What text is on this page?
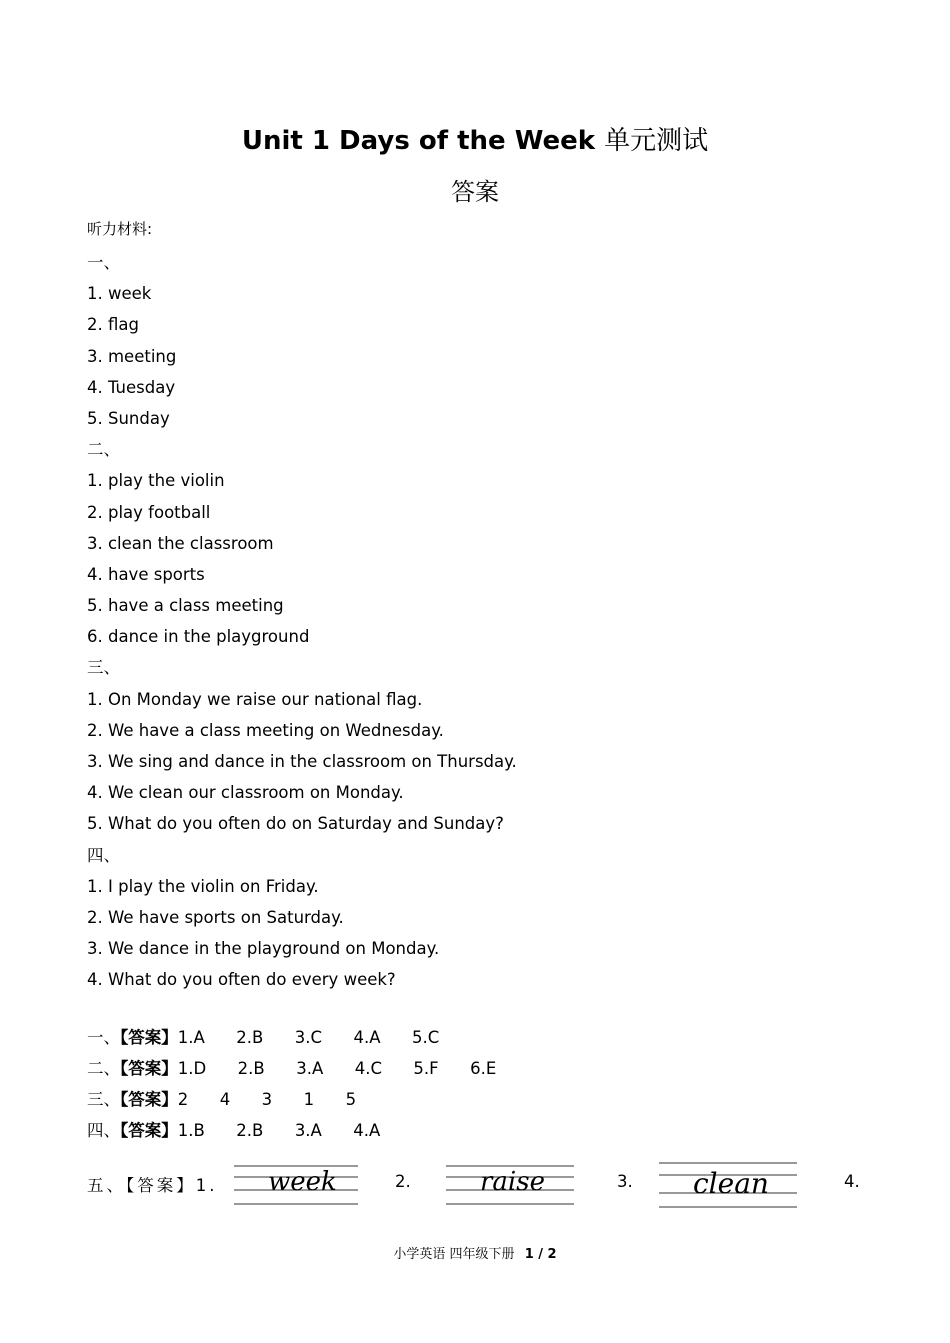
Unit 1 Days of the Week 单元测试
答案
听力材料:
一、
1. week
2. flag
3. meeting
4. Tuesday
5. Sunday
二、
1. play the violin
2. play football
3. clean the classroom
4. have sports
5. have a class meeting
6. dance in the playground
三、
1. On Monday we raise our national flag.
2. We have a class meeting on Wednesday.
3. We sing and dance in the classroom on Thursday.
4. We clean our classroom on Monday.
5. What do you often do on Saturday and Sunday?
四、
1. I play the violin on Friday.
2. We have sports on Saturday.
3. We dance in the playground on Monday.
4. What do you often do every week?
一、【答案】1.A      2.B      3.C      4.A      5.C
二、【答案】1.D      2.B      3.A      4.C      5.F      6.E
三、【答案】2      4      3      1      5
四、【答案】1.B      2.B      3.A      4.A
五、【答案】1. week	2.	raise	3. clean	4.
小学英语 四年级下册 1 / 2
